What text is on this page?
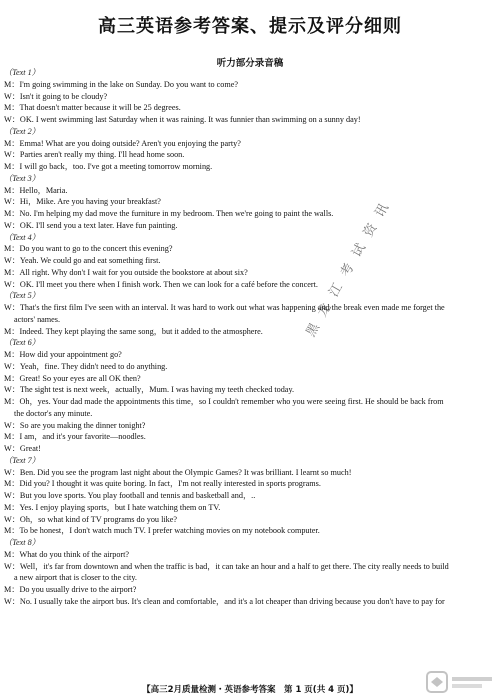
高三英语参考答案、提示及评分细则
听力部分录音稿
（Text 1）
M：I'm going swimming in the lake on Sunday. Do you want to come?
W：Isn't it going to be cloudy?
M：That doesn't matter because it will be 25 degrees.
W：OK. I went swimming last Saturday when it was raining. It was funnier than swimming on a sunny day!
（Text 2）
M：Emma! What are you doing outside? Aren't you enjoying the party?
W：Parties aren't really my thing. I'll head home soon.
M：I will go back，too. I've got a meeting tomorrow morning.
（Text 3）
M：Hello，Maria.
W：Hi，Mike. Are you having your breakfast?
M：No. I'm helping my dad move the furniture in my bedroom. Then we're going to paint the walls.
W：OK. I'll send you a text later. Have fun painting.
（Text 4）
M：Do you want to go to the concert this evening?
W：Yeah. We could go and eat something first.
M：All right. Why don't I wait for you outside the bookstore at about six?
W：OK. I'll meet you there when I finish work. Then we can look for a café before the concert.
（Text 5）
W：That's the first film I've seen with an interval. It was hard to work out what was happening and the break even made me forget the
actors' names.
M：Indeed. They kept playing the same song，but it added to the atmosphere.
（Text 6）
M：How did your appointment go?
W：Yeah，fine. They didn't need to do anything.
M：Great! So your eyes are all OK then?
W：The sight test is next week，actually，Mum. I was having my teeth checked today.
M：Oh，yes. Your dad made the appointments this time，so I couldn't remember who you were seeing first. He should be back from
the doctor's any minute.
W：So are you making the dinner tonight?
M：I am，and it's your favorite—noodles.
W：Great!
（Text 7）
W：Ben. Did you see the program last night about the Olympic Games? It was brilliant. I learnt so much!
M：Did you? I thought it was quite boring. In fact，I'm not really interested in sports programs.
W：But you love sports. You play football and tennis and basketball and，..
M：Yes. I enjoy playing sports，but I hate watching them on TV.
W：Oh，so what kind of TV programs do you like?
M：To be honest，I don't watch much TV. I prefer watching movies on my notebook computer.
（Text 8）
M：What do you think of the airport?
W：Well，it's far from downtown and when the traffic is bad，it can take an hour and a half to get there. The city really needs to build
a new airport that is closer to the city.
M：Do you usually drive to the airport?
W：No. I usually take the airport bus. It's clean and comfortable，and it's a lot cheaper than driving because you don't have to pay for
黑龙江考试资讯
【高三2月质量检测・英语参考答案　第 1 页(共 4 页)】
